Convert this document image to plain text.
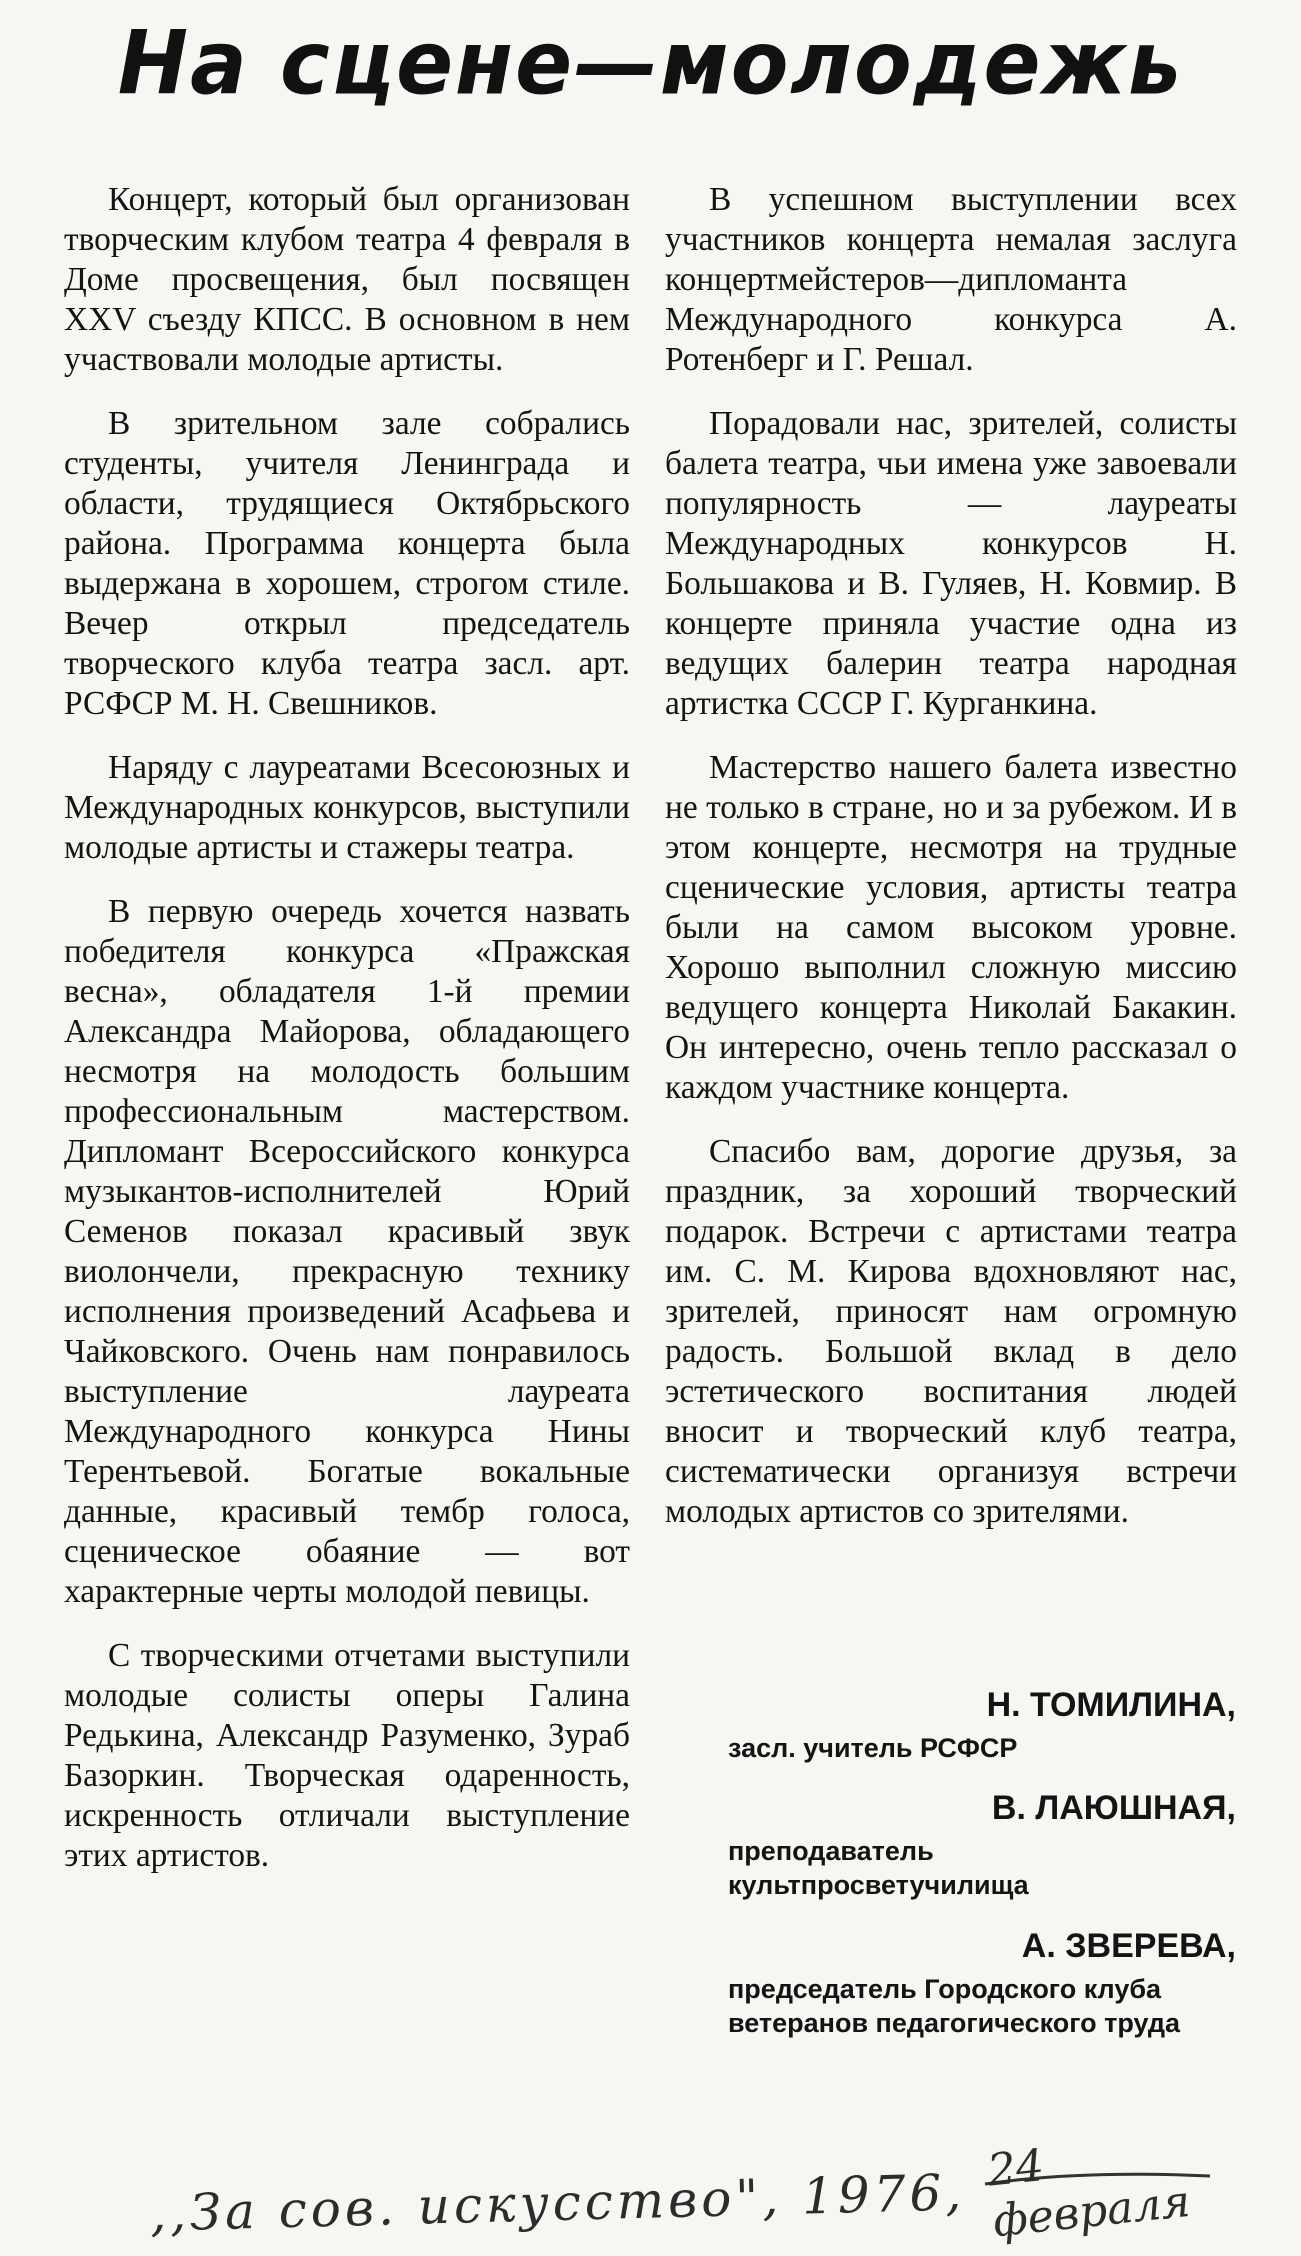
На сцене—молодежь

Концерт, который был организован творческим клубом театра 4 февраля в Доме просвещения, был посвящен XXV съезду КПСС. В основном в нем участвовали молодые артисты.

В зрительном зале собрались студенты, учителя Ленинграда и области, трудящиеся Октябрьского района. Программа концерта была выдержана в хорошем, строгом стиле. Вечер открыл председатель творческого клуба театра засл. арт. РСФСР М. Н. Свешников.

Наряду с лауреатами Всесоюзных и Международных конкурсов, выступили молодые артисты и стажеры театра.

В первую очередь хочется назвать победителя конкурса «Пражская весна», обладателя 1-й премии Александра Майорова, обладающего несмотря на молодость большим профессиональным мастерством. Дипломант Всероссийского конкурса музыкантов-исполнителей Юрий Семенов показал красивый звук виолончели, прекрасную технику исполнения произведений Асафьева и Чайковского. Очень нам понравилось выступление лауреата Международного конкурса Нины Терентьевой. Богатые вокальные данные, красивый тембр голоса, сценическое обаяние — вот характерные черты молодой певицы.

С творческими отчетами выступили молодые солисты оперы Галина Редькина, Александр Разуменко, Зураб Базоркин. Творческая одаренность, искренность отличали выступление этих артистов.

В успешном выступлении всех участников концерта немалая заслуга концертмейстеров—дипломанта Международного конкурса А. Ротенберг и Г. Решал.

Порадовали нас, зрителей, солисты балета театра, чьи имена уже завоевали популярность — лауреаты Международных конкурсов Н. Большакова и В. Гуляев, Н. Ковмир. В концерте приняла участие одна из ведущих балерин театра народная артистка СССР Г. Курганкина.

Мастерство нашего балета известно не только в стране, но и за рубежом. И в этом концерте, несмотря на трудные сценические условия, артисты театра были на самом высоком уровне. Хорошо выполнил сложную миссию ведущего концерта Николай Бакакин. Он интересно, очень тепло рассказал о каждом участнике концерта.

Спасибо вам, дорогие друзья, за праздник, за хороший творческий подарок. Встречи с артистами театра им. С. М. Кирова вдохновляют нас, зрителей, приносят нам огромную радость. Большой вклад в дело эстетического воспитания людей вносит и творческий клуб театра, систематически организуя встречи молодых артистов со зрителями.

Н. ТОМИЛИНА,
засл. учитель РСФСР
В. ЛАЮШНАЯ,
преподаватель культпросветучилища
А. ЗВЕРЕВА,
председатель Городского клуба ветеранов педагогического труда
,,За сов. искусство", 1976, 24 февраля
